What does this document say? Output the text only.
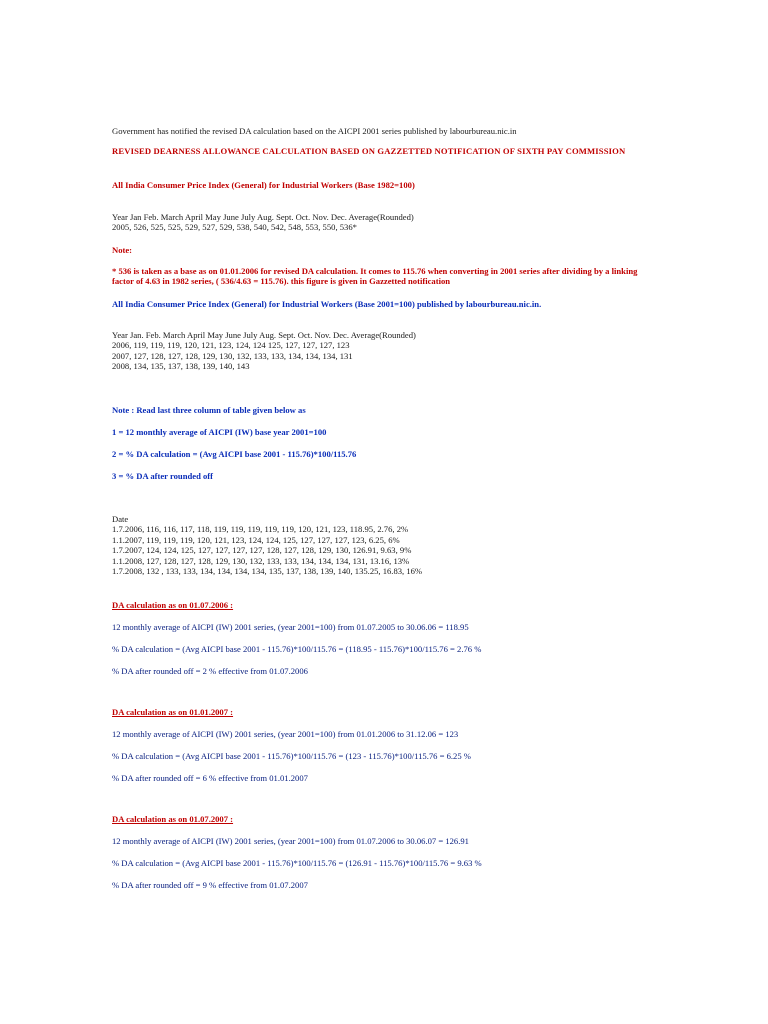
Government has notified the revised DA calculation based on the AICPI 2001 series published by labourbureau.nic.in
REVISED DEARNESS ALLOWANCE CALCULATION BASED ON GAZZETTED NOTIFICATION OF SIXTH PAY COMMISSION
All India Consumer Price Index (General) for Industrial Workers (Base 1982=100)
Year Jan Feb. March April May June July Aug. Sept. Oct. Nov. Dec. Average(Rounded)
2005, 526, 525, 525, 529, 527, 529, 538, 540, 542, 548, 553, 550, 536*
Note:
* 536 is taken as a base as on 01.01.2006 for revised DA calculation. It comes to 115.76 when converting in 2001 series after dividing by a linking factor of 4.63 in 1982 series, ( 536/4.63 = 115.76). this figure is given in Gazzetted notification
All India Consumer Price Index (General) for Industrial Workers (Base 2001=100) published by labourbureau.nic.in.
Year Jan. Feb. March April May June July Aug. Sept. Oct. Nov. Dec. Average(Rounded)
2006, 119, 119, 119, 120, 121, 123, 124, 124 125, 127, 127, 127, 123
2007, 127, 128, 127, 128, 129, 130, 132, 133, 133, 134, 134, 134, 131
2008, 134, 135, 137, 138, 139, 140, 143
Note : Read last three column of table given below as
1 = 12 monthly average of AICPI (IW) base year 2001=100
2 = % DA calculation = (Avg AICPI base 2001 - 115.76)*100/115.76
3 = % DA after rounded off
Date
1.7.2006, 116, 116, 117, 118, 119, 119, 119, 119, 119, 120, 121, 123, 118.95, 2.76, 2%
1.1.2007, 119, 119, 119, 120, 121, 123, 124, 124, 125, 127, 127, 127, 123, 6.25, 6%
1.7.2007, 124, 124, 125, 127, 127, 127, 127, 128, 127, 128, 129, 130, 126.91, 9.63, 9%
1.1.2008, 127, 128, 127, 128, 129, 130, 132, 133, 133, 134, 134, 134, 131, 13.16, 13%
1.7.2008, 132 , 133, 133, 134, 134, 134, 134, 135, 137, 138, 139, 140, 135.25, 16.83, 16%
DA calculation as on 01.07.2006 :
12 monthly average of AICPI (IW) 2001 series, (year 2001=100) from 01.07.2005 to 30.06.06 = 118.95
% DA calculation = (Avg AICPI base 2001 - 115.76)*100/115.76 = (118.95 - 115.76)*100/115.76 = 2.76 %
% DA after rounded off = 2 % effective from 01.07.2006
DA calculation as on 01.01.2007 :
12 monthly average of AICPI (IW) 2001 series, (year 2001=100) from 01.01.2006 to 31.12.06 = 123
% DA calculation = (Avg AICPI base 2001 - 115.76)*100/115.76 = (123 - 115.76)*100/115.76 = 6.25 %
% DA after rounded off = 6 % effective from 01.01.2007
DA calculation as on 01.07.2007 :
12 monthly average of AICPI (IW) 2001 series, (year 2001=100) from 01.07.2006 to 30.06.07 = 126.91
% DA calculation = (Avg AICPI base 2001 - 115.76)*100/115.76 = (126.91 - 115.76)*100/115.76 = 9.63 %
% DA after rounded off = 9 % effective from 01.07.2007
